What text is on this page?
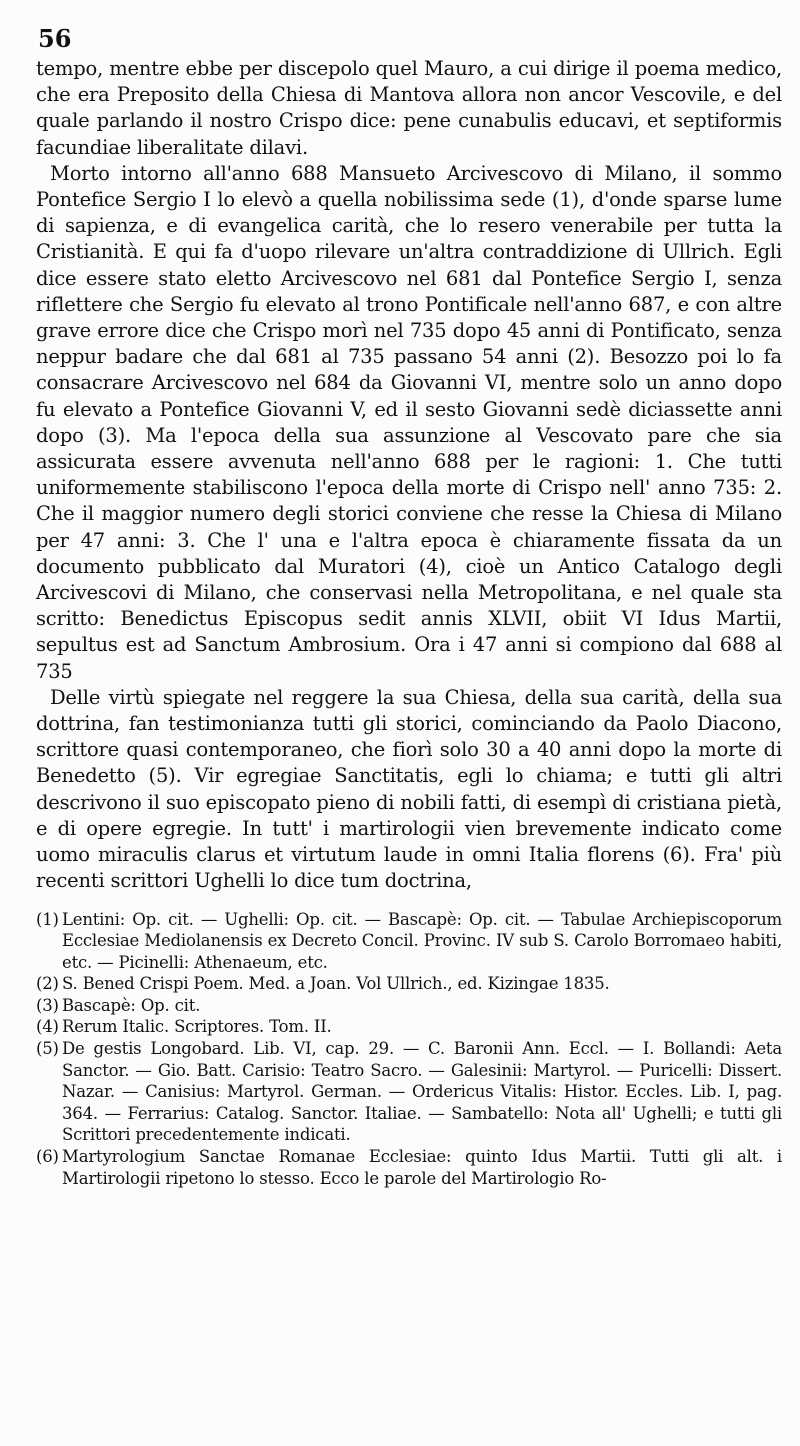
56

tempo, mentre ebbe per discepolo quel Mauro, a cui dirige il poema medico, che era Preposito della Chiesa di Mantova allora non ancor Vescovile, e del quale parlando il nostro Crispo dice: pene cunabulis educavi, et septiformis facundiae liberalitate dilavi.

Morto intorno all'anno 688 Mansueto Arcivescovo di Milano, il sommo Pontefice Sergio I lo elevò a quella nobilissima sede (1), d'onde sparse lume di sapienza, e di evangelica carità, che lo resero venerabile per tutta la Cristianità. E qui fa d'uopo rilevare un'altra contraddizione di Ullrich. Egli dice essere stato eletto Arcivescovo nel 681 dal Pontefice Sergio I, senza riflettere che Sergio fu elevato al trono Pontificale nell'anno 687, e con altre grave errore dice che Crispo morì nel 735 dopo 45 anni di Pontificato, senza neppur badare che dal 681 al 735 passano 54 anni (2). Besozzo poi lo fa consacrare Arcivescovo nel 684 da Giovanni VI, mentre solo un anno dopo fu elevato a Pontefice Giovanni V, ed il sesto Giovanni sedè diciassette anni dopo (3). Ma l'epoca della sua assunzione al Vescovato pare che sia assicurata essere avvenuta nell'anno 688 per le ragioni: 1. Che tutti uniformemente stabiliscono l'epoca della morte di Crispo nell' anno 735: 2. Che il maggior numero degli storici conviene che resse la Chiesa di Milano per 47 anni: 3. Che l' una e l'altra epoca è chiaramente fissata da un documento pubblicato dal Muratori (4), cioè un Antico Catalogo degli Arcivescovi di Milano, che conservasi nella Metropolitana, e nel quale sta scritto: Benedictus Episcopus sedit annis XLVII, obiit VI Idus Martii, sepultus est ad Sanctum Ambrosium. Ora i 47 anni si compiono dal 688 al 735

Delle virtù spiegate nel reggere la sua Chiesa, della sua carità, della sua dottrina, fan testimonianza tutti gli storici, cominciando da Paolo Diacono, scrittore quasi contemporaneo, che fiorì solo 30 a 40 anni dopo la morte di Benedetto (5). Vir egregiae Sanctitatis, egli lo chiama; e tutti gli altri descrivono il suo episcopato pieno di nobili fatti, di esempì di cristiana pietà, e di opere egregie. In tutt' i martirologii vien brevemente indicato come uomo miraculis clarus et virtutum laude in omni Italia florens (6). Fra' più recenti scrittori Ughelli lo dice tum doctrina,

(1) Lentini: Op. cit. — Ughelli: Op. cit. — Bascapè: Op. cit. — Tabulae Archiepiscoporum Ecclesiae Mediolanensis ex Decreto Concil. Provinc. IV sub S. Carolo Borromaeo habiti, etc. — Picinelli: Athenaeum, etc.

(2) S. Bened Crispi Poem. Med. a Joan. Vol Ullrich., ed. Kizingae 1835.

(3) Bascapè: Op. cit.

(4) Rerum Italic. Scriptores. Tom. II.

(5) De gestis Longobard. Lib. VI, cap. 29. — C. Baronii Ann. Eccl. — I. Bollandi: Aeta Sanctor. — Gio. Batt. Carisio: Teatro Sacro. — Galesinii: Martyrol. — Puricelli: Dissert. Nazar. — Canisius: Martyrol. German. — Ordericus Vitalis: Histor. Eccles. Lib. I, pag. 364. — Ferrarius: Catalog. Sanctor. Italiae. — Sambatello: Nota all' Ughelli; e tutti gli Scrittori precedentemente indicati.

(6) Martyrologium Sanctae Romanae Ecclesiae: quinto Idus Martii. Tutti gli alt. i Martirologii ripetono lo stesso. Ecco le parole del Martirologio Ro-
